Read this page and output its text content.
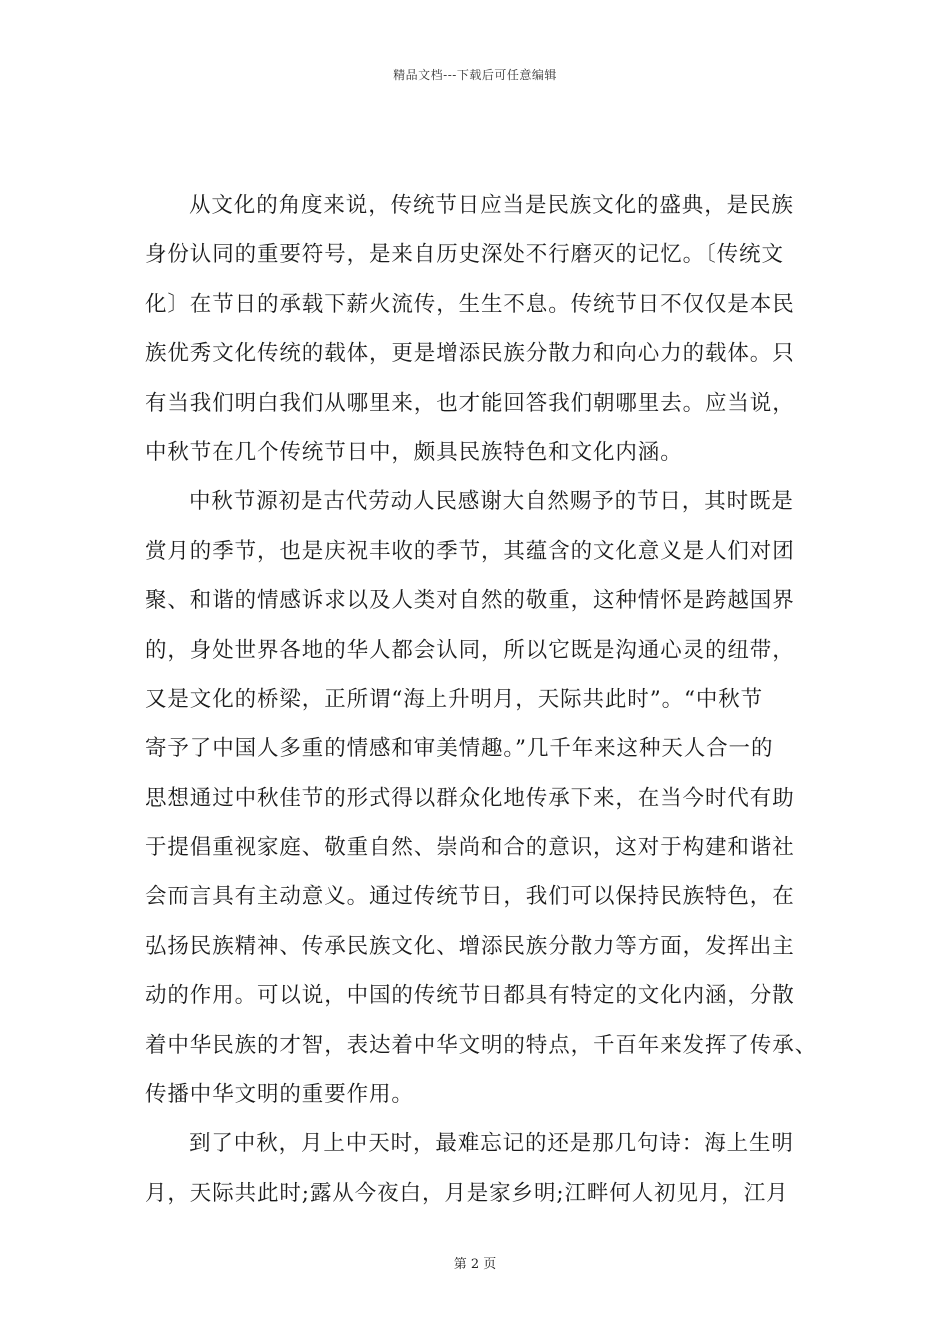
精品文档---下载后可任意编辑
从文化的角度来说，传统节日应当是民族文化的盛典，是民族
身份认同的重要符号，是来自历史深处不行磨灭的记忆。〔传统文
化〕在节日的承载下薪火流传，生生不息。传统节日不仅仅是本民
族优秀文化传统的载体，更是增添民族分散力和向心力的载体。只
有当我们明白我们从哪里来，也才能回答我们朝哪里去。应当说，
中秋节在几个传统节日中，颇具民族特色和文化内涵。
中秋节源初是古代劳动人民感谢大自然赐予的节日，其时既是
赏月的季节，也是庆祝丰收的季节，其蕴含的文化意义是人们对团
聚、和谐的情感诉求以及人类对自然的敬重，这种情怀是跨越国界
的，身处世界各地的华人都会认同，所以它既是沟通心灵的纽带，
又是文化的桥梁，正所谓“海上升明月，天际共此时”。“中秋节
寄予了中国人多重的情感和审美情趣。”几千年来这种天人合一的
思想通过中秋佳节的形式得以群众化地传承下来，在当今时代有助
于提倡重视家庭、敬重自然、崇尚和合的意识，这对于构建和谐社
会而言具有主动意义。通过传统节日，我们可以保持民族特色，在
弘扬民族精神、传承民族文化、增添民族分散力等方面，发挥出主
动的作用。可以说，中国的传统节日都具有特定的文化内涵，分散
着中华民族的才智，表达着中华文明的特点，千百年来发挥了传承、
传播中华文明的重要作用。
到了中秋，月上中天时，最难忘记的还是那几句诗：海上生明
月，天际共此时;露从今夜白，月是家乡明;江畔何人初见月，江月
第 2 页
